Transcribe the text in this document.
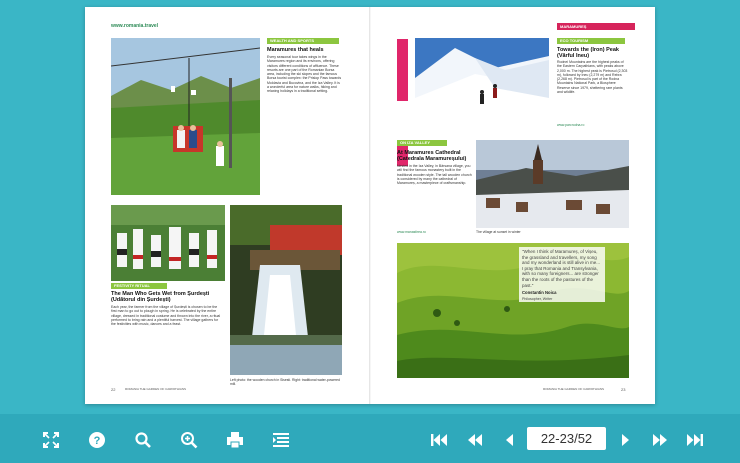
www.romania.travel
WEALTH AND SPORTS
Maramures that heals
Every seasonal tour takes wings in the Maramures region and its environs, offering visitors different conditions of affluence. These resorts are one part of the Romanian Borsa area, including the ski slopes and the famous Borsa tourist complex: the Prislop Pass towards Moldavia and Bucovina, and the Iza Valley. It is a wonderful area for nature walks, hiking and relaxing holidays in a traditional setting.
FESTIVITY RITUAL
The Man Who Gets Wet from Șurdești (Udătorul din Șurdești)
Each year, the farmer from the village of Șurdești is chosen to be the first man to go out to plough in spring. He is celebrated by the entire village, dressed in traditional costume and thrown into the river, a ritual performed to bring rain and a plentiful harvest. The village gathers for the festivities with music, dances and a feast.
Left photo: the wooden church in Sisesti. Right: traditional water-powered mill.
22	ROMANIA THE GARDEN OF CARPATHIANS
MARAMUREȘ
ECO TOURISM
Towards the (Iron) Peak (Vârful Ineu)
Rodnei Mountains are the highest peaks of the Eastern Carpathians, with peaks above 2,000 m. The highest peak is Pietrosul (2,303 m), followed by Ineu (2,279 m) and Rebra (2,268 m). Pietrosul is part of the Rodna Mountains National Park, a Biosphere Reserve since 1979, sheltering rare plants and wildlife.
www.parcrodna.ro
ON IZA VALLEY
At Maramures Cathedral (Catedrala Maramureșului)
Nested in the Iza Valley, in Bârsana village, you will find the famous monastery built in the traditional wooden style. The tall wooden church is considered by many the cathedral of Maramureș, a masterpiece of craftsmanship.
www.manastirea.ro	The village at sunset in winter
"When I think of Maramureș, of Vișeu, the grassland and travellers, my song and my wonderland is still alive in me... I pray that Romania and Transylvania, with so many foreigners... are stronger than the roots of the pastures of the past."
Constantin Noica
Philosopher, Writer
23
ROMANIA THE GARDEN OF CARPATHIANS
?
22-23/52
